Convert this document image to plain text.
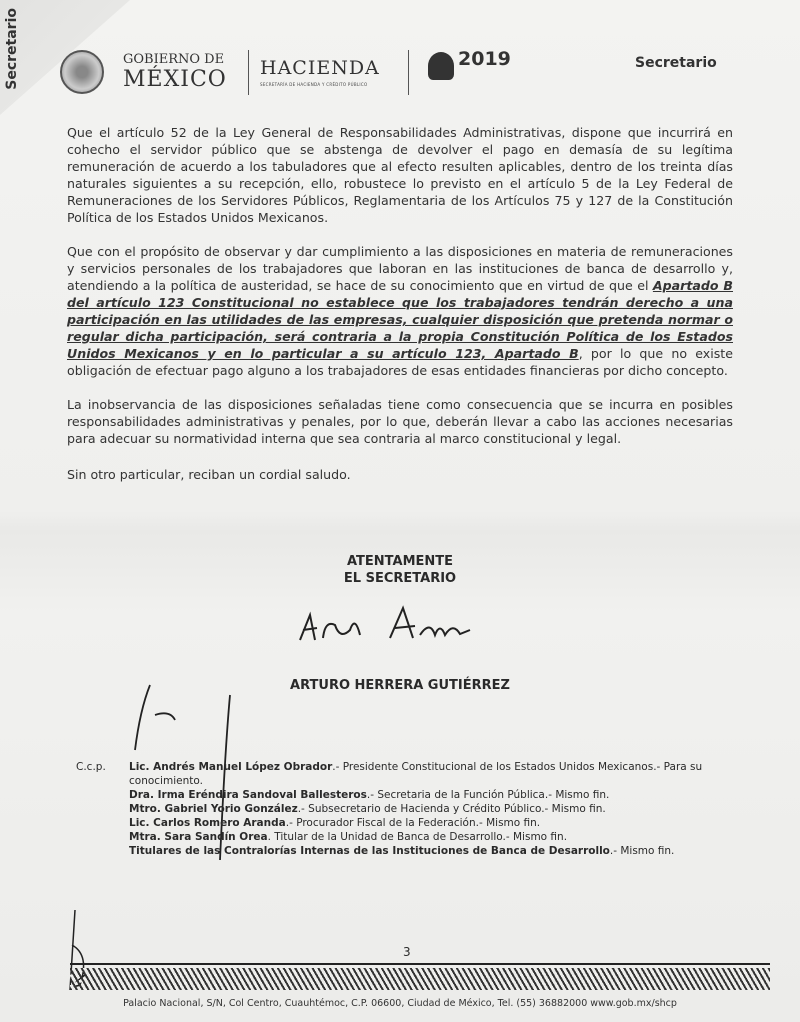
Secretario	GOBIERNO DE
MÉXICO HACIENDA
SECRETARÍA DE HACIENDA Y CRÉDITO PÚBLICO
2019	Secretario

Que el artículo 52 de la Ley General de Responsabilidades Administrativas, dispone que incurrirá en cohecho el servidor público que se abstenga de devolver el pago en demasía de su legítima remuneración de acuerdo a los tabuladores que al efecto resulten aplicables, dentro de los treinta días naturales siguientes a su recepción, ello, robustece lo previsto en el artículo 5 de la Ley Federal de Remuneraciones de los Servidores Públicos, Reglamentaria de los Artículos 75 y 127 de la Constitución Política de los Estados Unidos Mexicanos.

Que con el propósito de observar y dar cumplimiento a las disposiciones en materia de remuneraciones y servicios personales de los trabajadores que laboran en las instituciones de banca de desarrollo y, atendiendo a la política de austeridad, se hace de su conocimiento que en virtud de que el Apartado B del artículo 123 Constitucional no establece que los trabajadores tendrán derecho a una participación en las utilidades de las empresas, cualquier disposición que pretenda normar o regular dicha participación, será contraria a la propia Constitución Política de los Estados Unidos Mexicanos y en lo particular a su artículo 123, Apartado B, por lo que no existe obligación de efectuar pago alguno a los trabajadores de esas entidades financieras por dicho concepto.

La inobservancia de las disposiciones señaladas tiene como consecuencia que se incurra en posibles responsabilidades administrativas y penales, por lo que, deberán llevar a cabo las acciones necesarias para adecuar su normatividad interna que sea contraria al marco constitucional y legal.

Sin otro particular, reciban un cordial saludo.

ATENTAMENTE
EL SECRETARIO
ARTURO HERRERA GUTIÉRREZ
C.c.p. Lic. Andrés Manuel López Obrador.- Presidente Constitucional de los Estados Unidos Mexicanos.- Para su conocimiento.
Dra. Irma Eréndira Sandoval Ballesteros.- Secretaria de la Función Pública.- Mismo fin.
Mtro. Gabriel Yorio González.- Subsecretario de Hacienda y Crédito Público.- Mismo fin.
Lic. Carlos Romero Aranda.- Procurador Fiscal de la Federación.- Mismo fin.
Mtra. Sara Sandín Orea. Titular de la Unidad de Banca de Desarrollo.- Mismo fin.
Titulares de las Contralorías Internas de las Instituciones de Banca de Desarrollo.- Mismo fin.
3
Palacio Nacional, S/N, Col Centro, Cuauhtémoc, C.P. 06600, Ciudad de México, Tel. (55) 36882000 www.gob.mx/shcp
